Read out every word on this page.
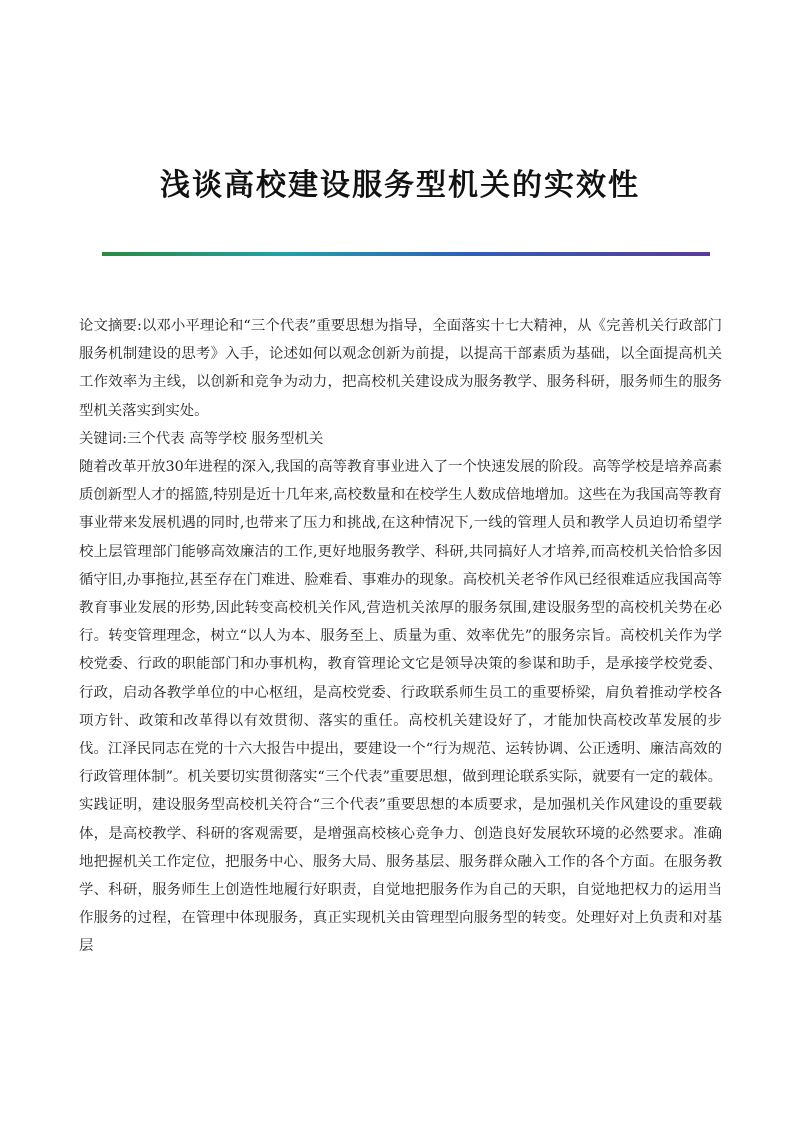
浅谈高校建设服务型机关的实效性

论文摘要:以邓小平理论和“三个代表”重要思想为指导，全面落实十七大精神，从《完善机关行政部门服务机制建设的思考》入手，论述如何以观念创新为前提，以提高干部素质为基础，以全面提高机关工作效率为主线，以创新和竞争为动力，把高校机关建设成为服务教学、服务科研，服务师生的服务型机关落实到实处。

关键词:三个代表 高等学校 服务型机关

随着改革开放30年进程的深入,我国的高等教育事业进入了一个快速发展的阶段。高等学校是培养高素质创新型人才的摇篮,特别是近十几年来,高校数量和在校学生人数成倍地增加。这些在为我国高等教育事业带来发展机遇的同时,也带来了压力和挑战,在这种情况下,一线的管理人员和教学人员迫切希望学校上层管理部门能够高效廉洁的工作,更好地服务教学、科研,共同搞好人才培养,而高校机关恰恰多因循守旧,办事拖拉,甚至存在门难进、脸难看、事难办的现象。高校机关老爷作风已经很难适应我国高等教育事业发展的形势,因此转变高校机关作风,营造机关浓厚的服务氛围,建设服务型的高校机关势在必行。转变管理理念，树立“以人为本、服务至上、质量为重、效率优先”的服务宗旨。高校机关作为学校党委、行政的职能部门和办事机构，教育管理论文它是领导决策的参谋和助手，是承接学校党委、行政，启动各教学单位的中心枢纽，是高校党委、行政联系师生员工的重要桥梁，肩负着推动学校各项方针、政策和改革得以有效贯彻、落实的重任。高校机关建设好了，才能加快高校改革发展的步伐。江泽民同志在党的十六大报告中提出，要建设一个“行为规范、运转协调、公正透明、廉洁高效的行政管理体制”。机关要切实贯彻落实“三个代表”重要思想，做到理论联系实际，就要有一定的载体。实践证明，建设服务型高校机关符合“三个代表”重要思想的本质要求，是加强机关作风建设的重要载体，是高校教学、科研的客观需要，是增强高校核心竞争力、创造良好发展软环境的必然要求。准确地把握机关工作定位，把服务中心、服务大局、服务基层、服务群众融入工作的各个方面。在服务教学、科研，服务师生上创造性地履行好职责，自觉地把服务作为自己的天职，自觉地把权力的运用当作服务的过程，在管理中体现服务，真正实现机关由管理型向服务型的转变。处理好对上负责和对基层
